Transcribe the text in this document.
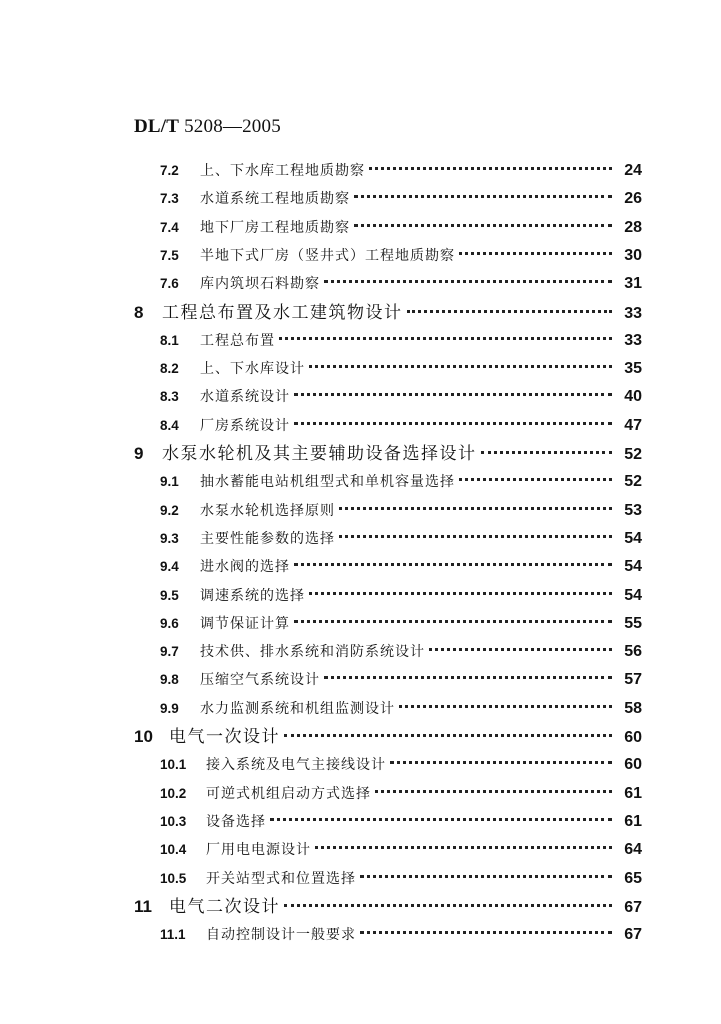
DL/T 5208—2005
7.2	上、下水库工程地质勘察	24
7.3	水道系统工程地质勘察	26
7.4	地下厂房工程地质勘察	28
7.5	半地下式厂房（竖井式）工程地质勘察	30
7.6	库内筑坝石料勘察	31
8	工程总布置及水工建筑物设计	33
8.1	工程总布置	33
8.2	上、下水库设计	35
8.3	水道系统设计	40
8.4	厂房系统设计	47
9	水泵水轮机及其主要辅助设备选择设计	52
9.1	抽水蓄能电站机组型式和单机容量选择	52
9.2	水泵水轮机选择原则	53
9.3	主要性能参数的选择	54
9.4	进水阀的选择	54
9.5	调速系统的选择	54
9.6	调节保证计算	55
9.7	技术供、排水系统和消防系统设计	56
9.8	压缩空气系统设计	57
9.9	水力监测系统和机组监测设计	58
10 电气一次设计	60
10.1	接入系统及电气主接线设计	60
10.2	可逆式机组启动方式选择	61
10.3	设备选择	61
10.4	厂用电电源设计	64
10.5	开关站型式和位置选择	65
11	电气二次设计	67
11.1	自动控制设计一般要求	67
